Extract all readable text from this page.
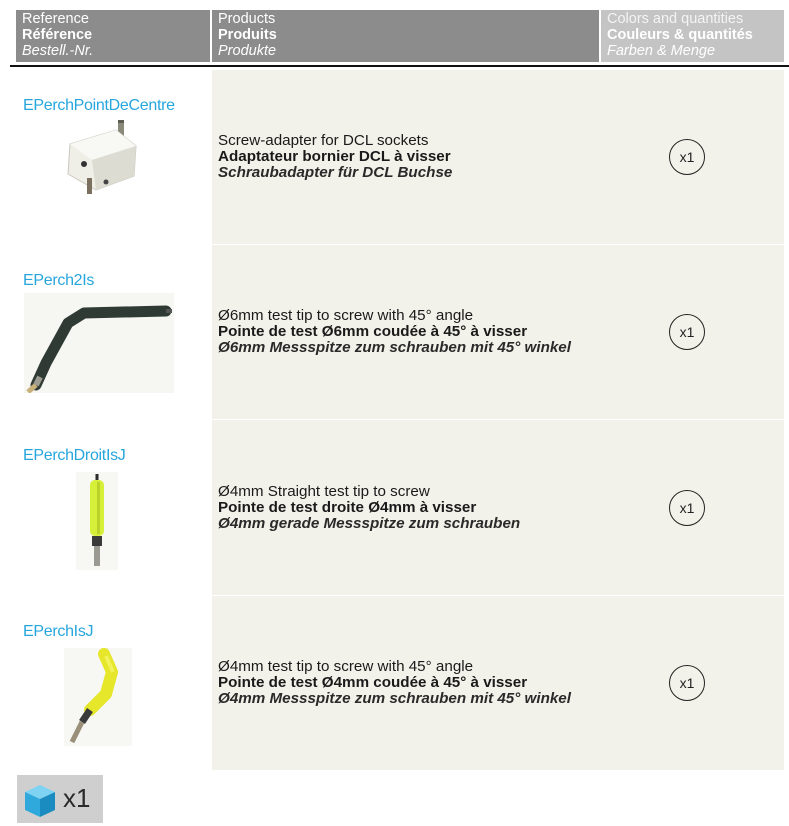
Reference
Référence
Bestell.-Nr.
Products
Produits
Produkte
Colors and quantities
Couleurs & quantités
Farben & Menge
EPerchPointDeCentre
Screw-adapter for DCL sockets
Adaptateur bornier DCL à visser
Schraubadapter für DCL Buchse
x1
EPerch2Is
Ø6mm test tip to screw with 45° angle
Pointe de test Ø6mm coudée à 45° à visser
Ø6mm Messspitze zum schrauben mit 45° winkel
x1
EPerchDroitIsJ
Ø4mm Straight test tip to screw
Pointe de test droite Ø4mm à visser
Ø4mm gerade Messspitze zum schrauben
x1
EPerchIsJ
Ø4mm test tip to screw with 45° angle
Pointe de test Ø4mm coudée à 45° à visser
Ø4mm Messspitze zum schrauben mit 45° winkel
x1
x1
